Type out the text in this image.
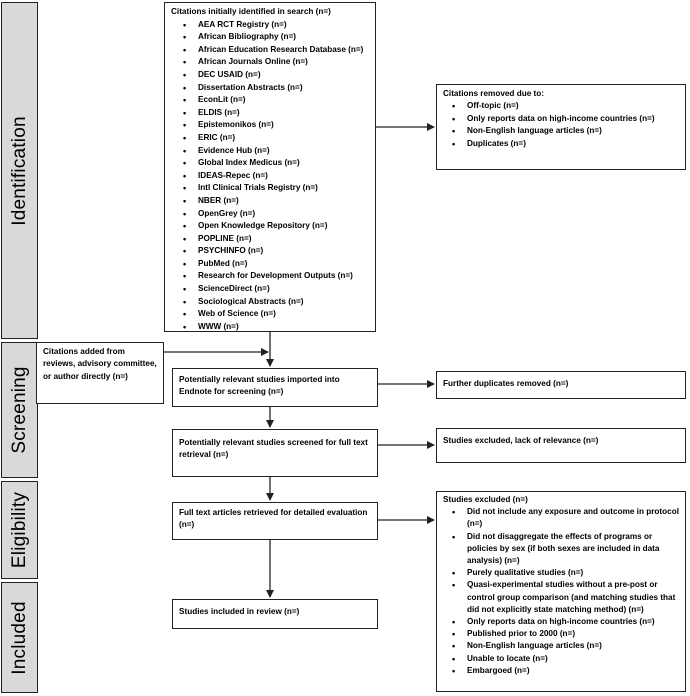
Identification
Screening
Eligibility
Included
Citations initially identified in search (n=)
• AEA RCT Registry (n=)
• African Bibliography (n=)
• African Education Research Database (n=)
• African Journals Online (n=)
• DEC USAID (n=)
• Dissertation Abstracts (n=)
• EconLit (n=)
• ELDIS (n=)
• Epistemonikos (n=)
• ERIC (n=)
• Evidence Hub (n=)
• Global Index Medicus (n=)
• IDEAS-Repec (n=)
• Intl Clinical Trials Registry (n=)
• NBER (n=)
• OpenGrey (n=)
• Open Knowledge Repository (n=)
• POPLINE (n=)
• PSYCHINFO (n=)
• PubMed (n=)
• Research for Development Outputs (n=)
• ScienceDirect (n=)
• Sociological Abstracts (n=)
• Web of Science (n=)
• WWW (n=)
Citations removed due to:
• Off-topic (n=)
• Only reports data on high-income countries (n=)
• Non-English language articles (n=)
• Duplicates (n=)
Citations added from reviews, advisory committee, or author directly (n=)	Potentially relevant studies imported into Endnote for screening (n=)
Further duplicates removed (n=)
Potentially relevant studies screened for full text retrieval (n=)
Studies excluded, lack of relevance (n=)
Full text articles retrieved for detailed evaluation (n=)
Studies included in review (n=)
Studies excluded (n=)
• Did not include any exposure and outcome in protocol (n=)
• Did not disaggregate the effects of programs or policies by sex (if both sexes are included in data analysis) (n=)
• Purely qualitative studies (n=)
• Quasi-experimental studies without a pre-post or control group comparison (and matching studies that did not explicitly state matching method) (n=)
• Only reports data on high-income countries (n=)
• Published prior to 2000 (n=)
• Non-English language articles (n=)
• Unable to locate (n=)
• Embargoed (n=)
